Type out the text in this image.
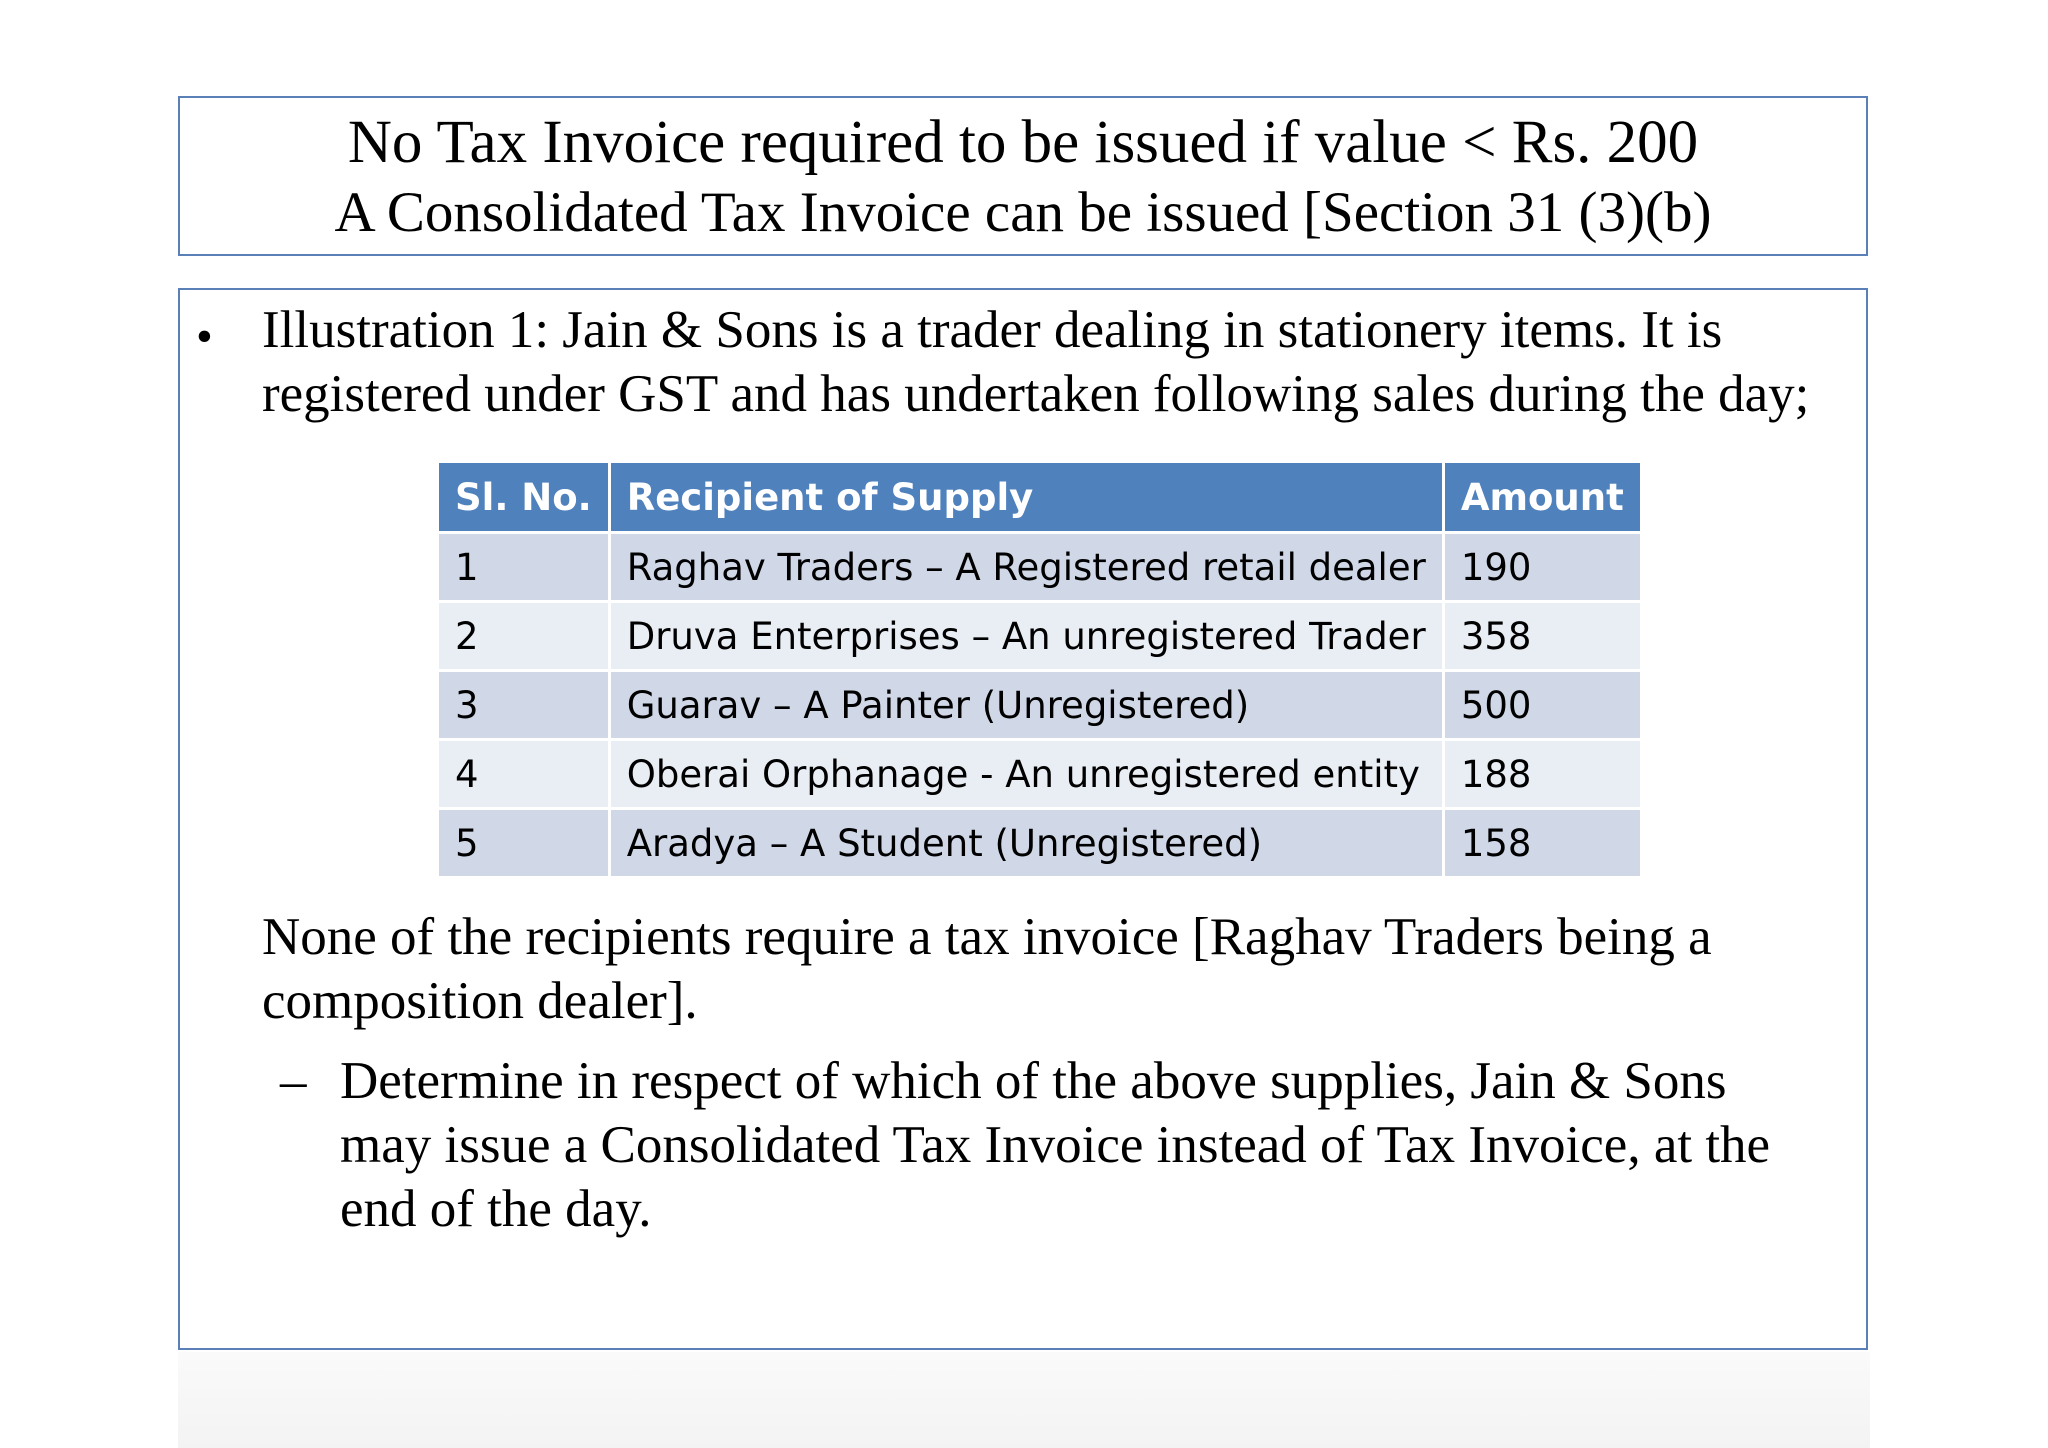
No Tax Invoice required to be issued if value < Rs. 200
A Consolidated Tax Invoice can be issued [Section 31 (3)(b)
• Illustration 1: Jain & Sons is a trader dealing in stationery items. It is registered under GST and has undertaken following sales during the day;
Sl. No.	Recipient of Supply	Amount
1	Raghav Traders – A Registered retail dealer	190
2	Druva Enterprises – An unregistered Trader	358
3	Guarav – A Painter (Unregistered)	500
4	Oberai Orphanage - An unregistered entity	188
5	Aradya – A Student (Unregistered)	158
None of the recipients require a tax invoice [Raghav Traders being a composition dealer].
– Determine in respect of which of the above supplies, Jain & Sons may issue a Consolidated Tax Invoice instead of Tax Invoice, at the end of the day.
